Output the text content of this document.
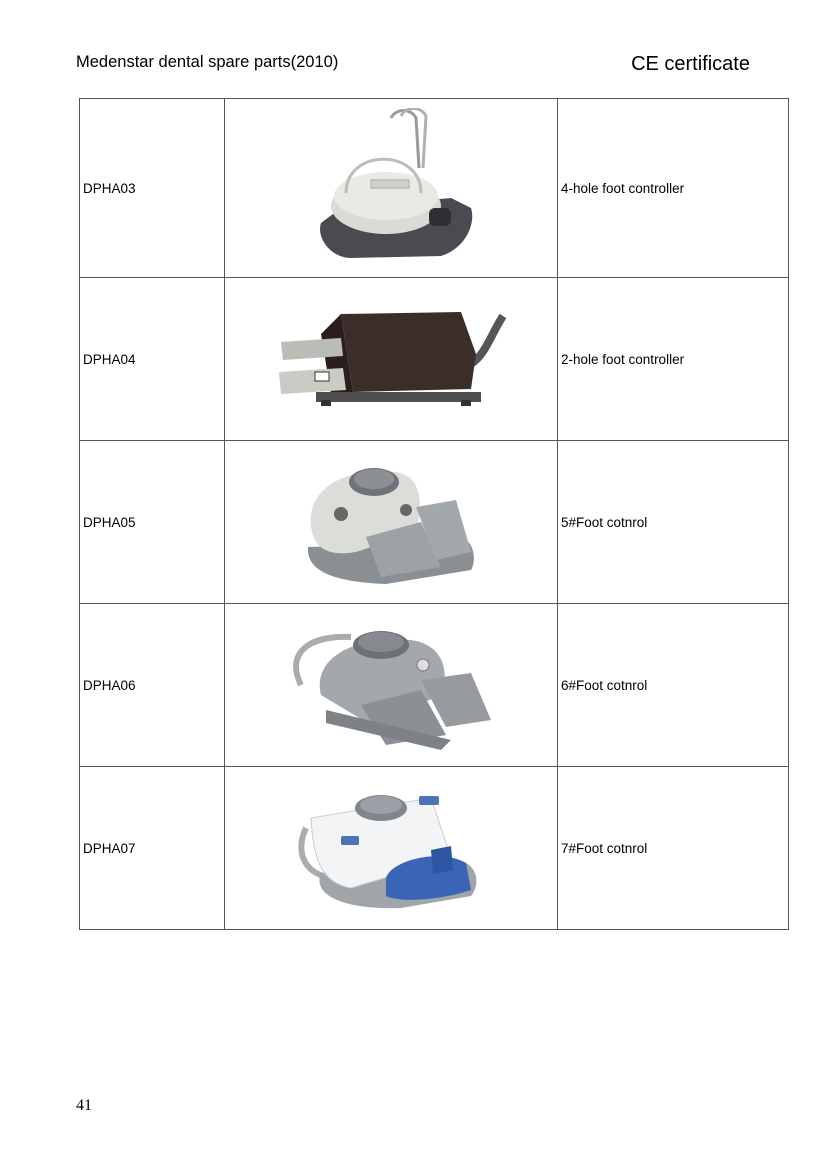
Medenstar dental spare parts(2010)	CE certificate
DPHA03		4-hole foot controller
DPHA04		2-hole foot controller
DPHA05		5#Foot cotnrol
DPHA06		6#Foot cotnrol
DPHA07		7#Foot cotnrol
41
